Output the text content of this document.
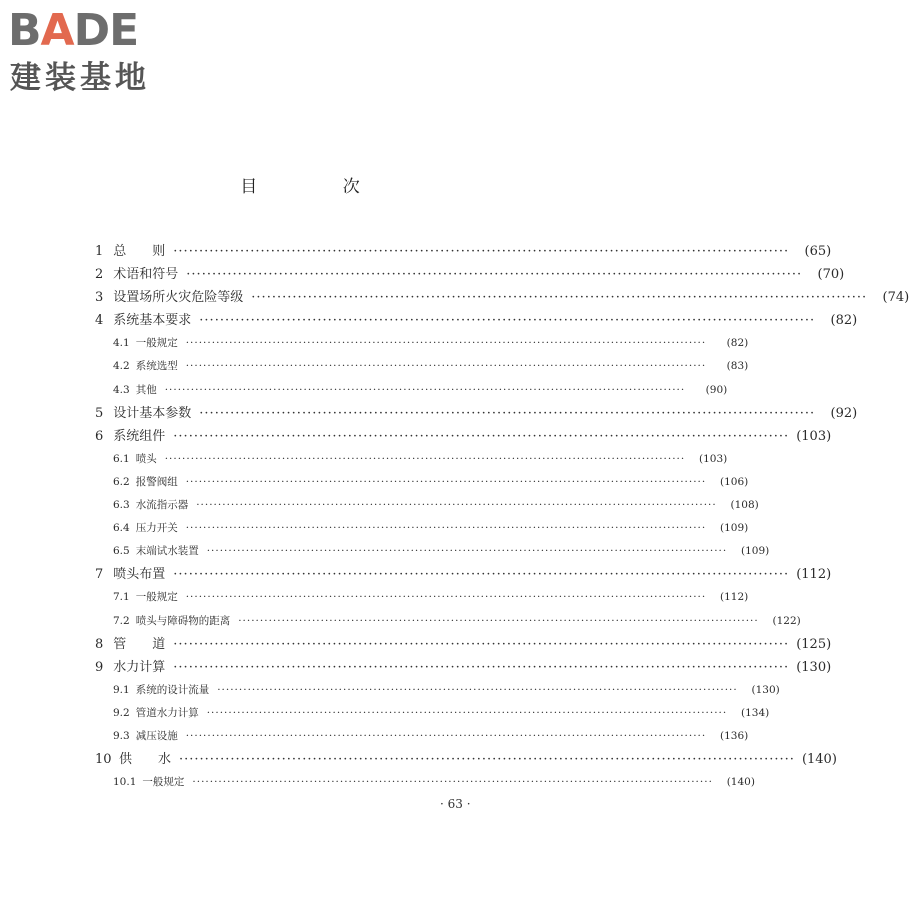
BADE
建装基地
目 次
1 总　　则 ························································································································	(65)
2 术语和符号 ························································································································	(70)
3 设置场所火灾危险等级 ························································································································	(74)
4 系统基本要求 ························································································································	(82)
4.1 一般规定 ························································································································	(82)
4.2 系统选型 ························································································································	(83)
4.3 其他 ························································································································	(90)
5 设计基本参数 ························································································································	(92)
6 系统组件 ························································································································ (103)
6.1 喷头 ························································································································	(103)
6.2 报警阀组 ························································································································	(106)
6.3 水流指示器 ························································································································	(108)
6.4 压力开关 ························································································································	(109)
6.5 末端试水装置 ························································································································	(109)
7 喷头布置 ························································································································ (112)
7.1 一般规定 ························································································································	(112)
7.2 喷头与障碍物的距离 ························································································································	(122)
8 管　　道 ························································································································ (125)
9 水力计算 ························································································································ (130)
9.1 系统的设计流量 ························································································································	(130)
9.2 管道水力计算 ························································································································	(134)
9.3 减压设施 ························································································································	(136)
10 供　　水 ························································································································ (140)
10.1 一般规定 ························································································································	(140)
· 63 ·
